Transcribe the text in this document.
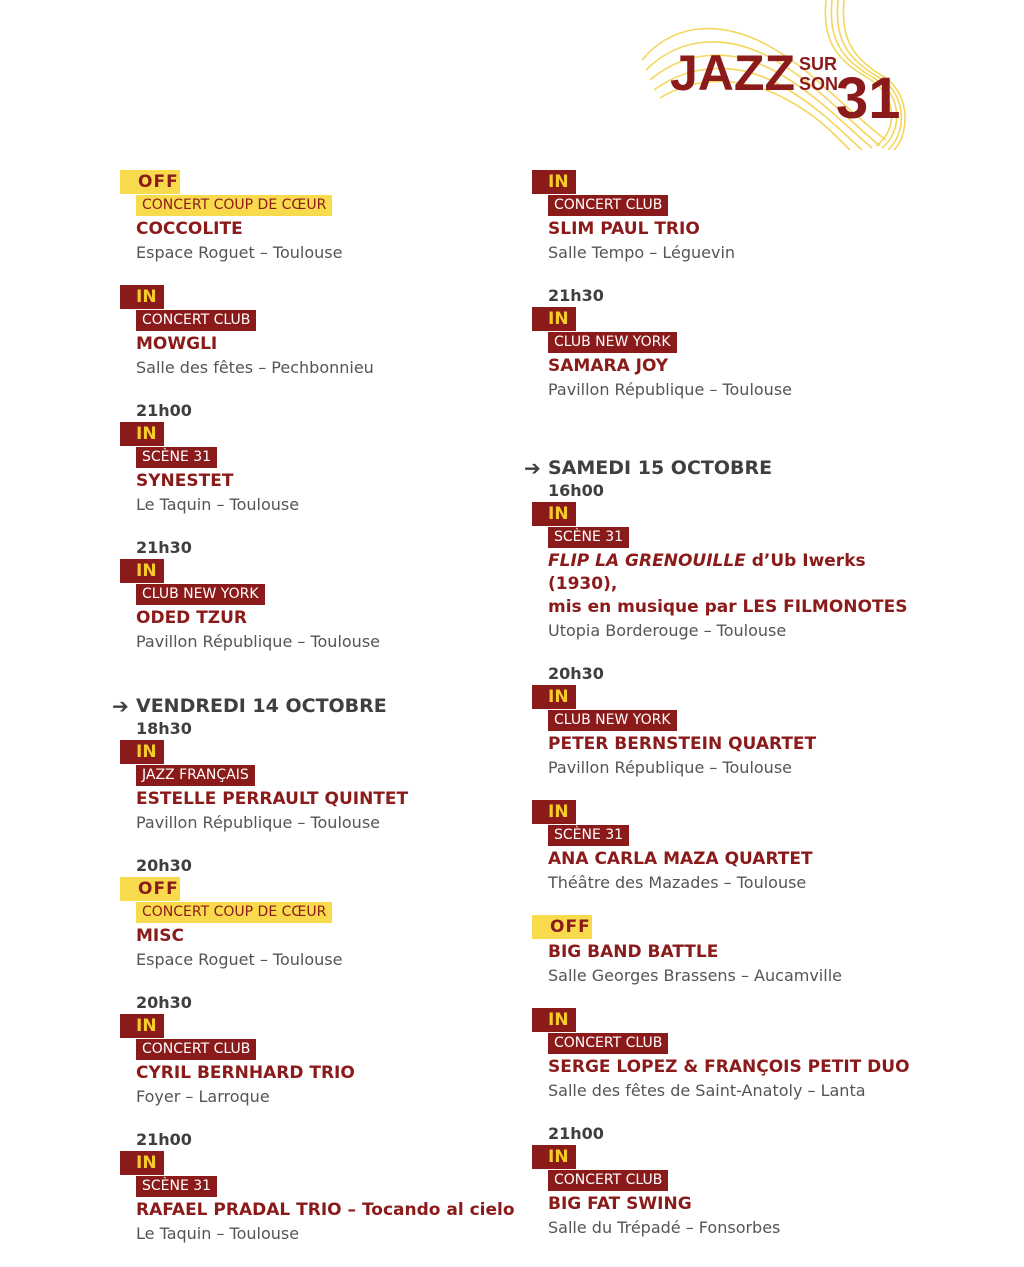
JAZZ SUR
SON
31
OFF
CONCERT COUP DE CŒUR
COCCOLITE
Espace Roguet – Toulouse
IN
CONCERT CLUB
MOWGLI
Salle des fêtes – Pechbonnieu
21h00
IN
SCÈNE 31
SYNESTET
Le Taquin – Toulouse
21h30
IN
CLUB NEW YORK
ODED TZUR
Pavillon République – Toulouse
➔ VENDREDI 14 OCTOBRE
18h30
IN
JAZZ FRANÇAIS
ESTELLE PERRAULT QUINTET
Pavillon République – Toulouse
20h30
OFF
CONCERT COUP DE CŒUR
MISC
Espace Roguet – Toulouse
20h30
IN
CONCERT CLUB
CYRIL BERNHARD TRIO
Foyer – Larroque
21h00
IN
SCÈNE 31
RAFAEL PRADAL TRIO – Tocando al cielo
Le Taquin – Toulouse
IN
CONCERT CLUB
SLIM PAUL TRIO
Salle Tempo – Léguevin
21h30
IN
CLUB NEW YORK
SAMARA JOY
Pavillon République – Toulouse
➔ SAMEDI 15 OCTOBRE
16h00
IN
SCÈNE 31
FLIP LA GRENOUILLE d’Ub Iwerks (1930),
mis en musique par LES FILMONOTES
Utopia Borderouge – Toulouse
20h30
IN
CLUB NEW YORK
PETER BERNSTEIN QUARTET
Pavillon République – Toulouse
IN
SCÈNE 31
ANA CARLA MAZA QUARTET
Théâtre des Mazades – Toulouse
OFF
BIG BAND BATTLE
Salle Georges Brassens – Aucamville
IN
CONCERT CLUB
SERGE LOPEZ & FRANÇOIS PETIT DUO
Salle des fêtes de Saint-Anatoly – Lanta
21h00
IN
CONCERT CLUB
BIG FAT SWING
Salle du Trépadé – Fonsorbes
